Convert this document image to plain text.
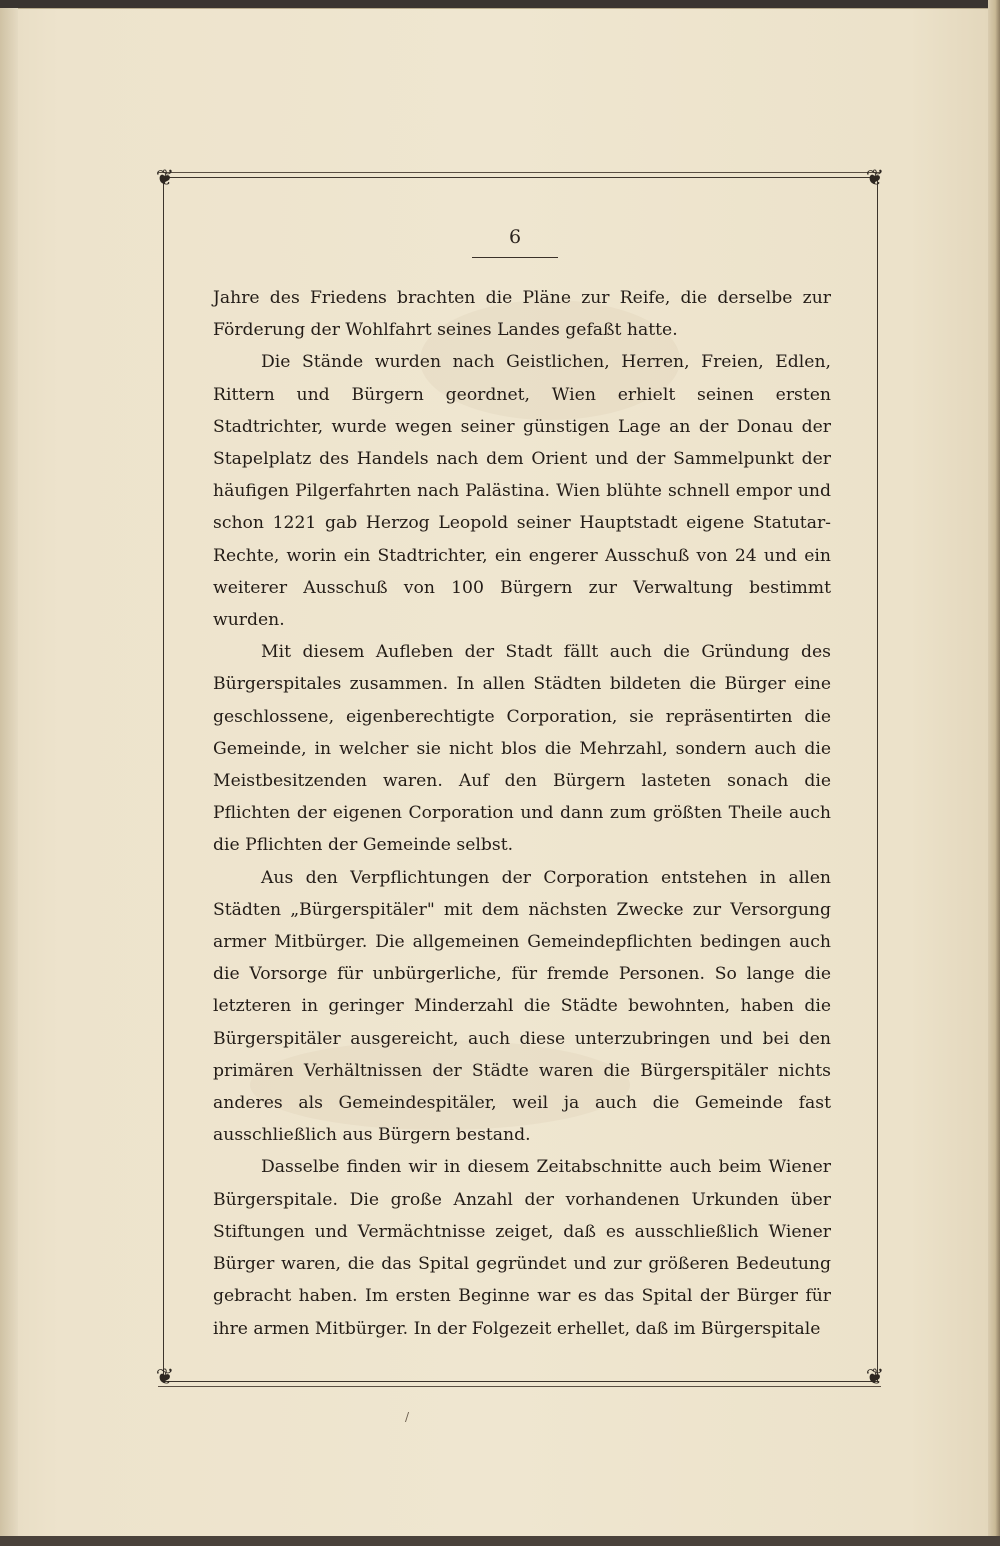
❦	❦
❦	❦
6

Jahre des Friedens brachten die Pläne zur Reife, die derselbe zur Förderung der Wohlfahrt seines Landes gefaßt hatte.

Die Stände wurden nach Geistlichen, Herren, Freien, Edlen, Rittern und Bürgern geordnet, Wien erhielt seinen ersten Stadtrichter, wurde wegen seiner günstigen Lage an der Donau der Stapelplatz des Handels nach dem Orient und der Sammelpunkt der häufigen Pilgerfahrten nach Palästina. Wien blühte schnell empor und schon 1221 gab Herzog Leopold seiner Hauptstadt eigene Statutar-Rechte, worin ein Stadtrichter, ein engerer Ausschuß von 24 und ein weiterer Ausschuß von 100 Bürgern zur Verwaltung bestimmt wurden.

Mit diesem Aufleben der Stadt fällt auch die Gründung des Bürgerspitales zusammen. In allen Städten bildeten die Bürger eine geschlossene, eigenberechtigte Corporation, sie repräsentirten die Gemeinde, in welcher sie nicht blos die Mehrzahl, sondern auch die Meistbesitzenden waren. Auf den Bürgern lasteten sonach die Pflichten der eigenen Corporation und dann zum größten Theile auch die Pflichten der Gemeinde selbst.

Aus den Verpflichtungen der Corporation entstehen in allen Städten „Bürgerspitäler" mit dem nächsten Zwecke zur Versorgung armer Mitbürger. Die allgemeinen Gemeindepflichten bedingen auch die Vorsorge für unbürgerliche, für fremde Personen. So lange die letzteren in geringer Minderzahl die Städte bewohnten, haben die Bürgerspitäler ausgereicht, auch diese unterzubringen und bei den primären Verhältnissen der Städte waren die Bürgerspitäler nichts anderes als Gemeindespitäler, weil ja auch die Gemeinde fast ausschließlich aus Bürgern bestand.

Dasselbe finden wir in diesem Zeitabschnitte auch beim Wiener Bürgerspitale. Die große Anzahl der vorhandenen Urkunden über Stiftungen und Vermächtnisse zeiget, daß es ausschließlich Wiener Bürger waren, die das Spital gegründet und zur größeren Bedeutung gebracht haben. Im ersten Beginne war es das Spital der Bürger für ihre armen Mitbürger. In der Folgezeit erhellet, daß im Bürgerspitale

/
